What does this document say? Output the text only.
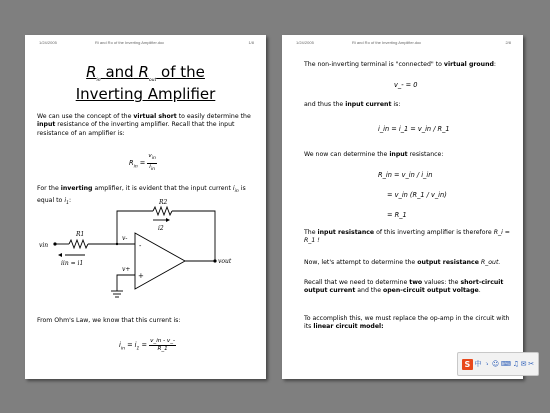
1/24/2005	Ri and Ro of the Inverting Amplifier.doc	1/8
$R_{in}$ and $R_{out}$ of the
Inverting Amplifier
We can use the concept of the virtual short to easily determine the input resistance of the inverting amplifier. Recall that the input resistance of an amplifier is:
$R_{in} = \frac{v_{in}}{i_{in}}$
For the inverting amplifier, it is evident that the input current $i_{in}$ is equal to $i_1$:	R2
i2
R1
vin
iin = i1
v-
v+
vout
-
+
From Ohm's Law, we know that this current is:
$i_{in} = i_1 = \frac{v\_in - v\_-}{R\_1}$
1/24/2005	Ri and Ro of the Inverting Amplifier.doc	2/8
The non-inverting terminal is "connected" to virtual ground:
v_- = 0
and thus the input current is:
i_in = i_1 = v_in / R_1
We now can determine the input resistance:
R_in = v_in / i_in
= v_in (R_1 / v_in)
= R_1
The input resistance of this inverting amplifier is therefore R_i = R_1 !
Now, let's attempt to determine the output resistance R_out.
Recall that we need to determine two values: the short-circuit output current and the open-circuit output voltage.
To accomplish this, we must replace the op-amp in the circuit with its linear circuit model:
S 中 ゝ ☺ ⌨ ♫ ✉ ✂
